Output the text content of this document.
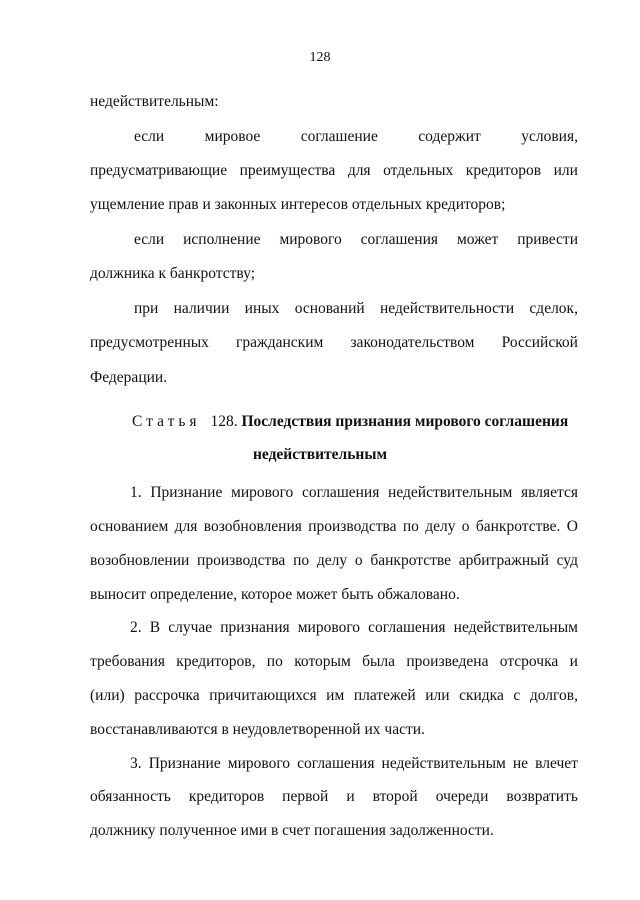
128
недействительным:
если	мировое	соглашение	содержит	условия,
предусматривающие преимущества для отдельных кредиторов или
ущемление прав и законных интересов отдельных кредиторов;
если исполнение мирового соглашения может привести
должника к банкротству;
при наличии иных оснований недействительности сделок,
предусмотренных гражданским законодательством Российской
Федерации.
Статья 128. Последствия признания мирового соглашения
недействительным
1. Признание мирового соглашения недействительным является
основанием для возобновления производства по делу о банкротстве. О
возобновлении производства по делу о банкротстве арбитражный суд
выносит определение, которое может быть обжаловано.
2. В случае признания мирового соглашения недействительным
требования кредиторов, по которым была произведена отсрочка и
(или) рассрочка причитающихся им платежей или скидка с долгов,
восстанавливаются в неудовлетворенной их части.
3. Признание мирового соглашения недействительным не влечет
обязанность кредиторов первой и второй очереди возвратить
должнику полученное ими в счет погашения задолженности.
